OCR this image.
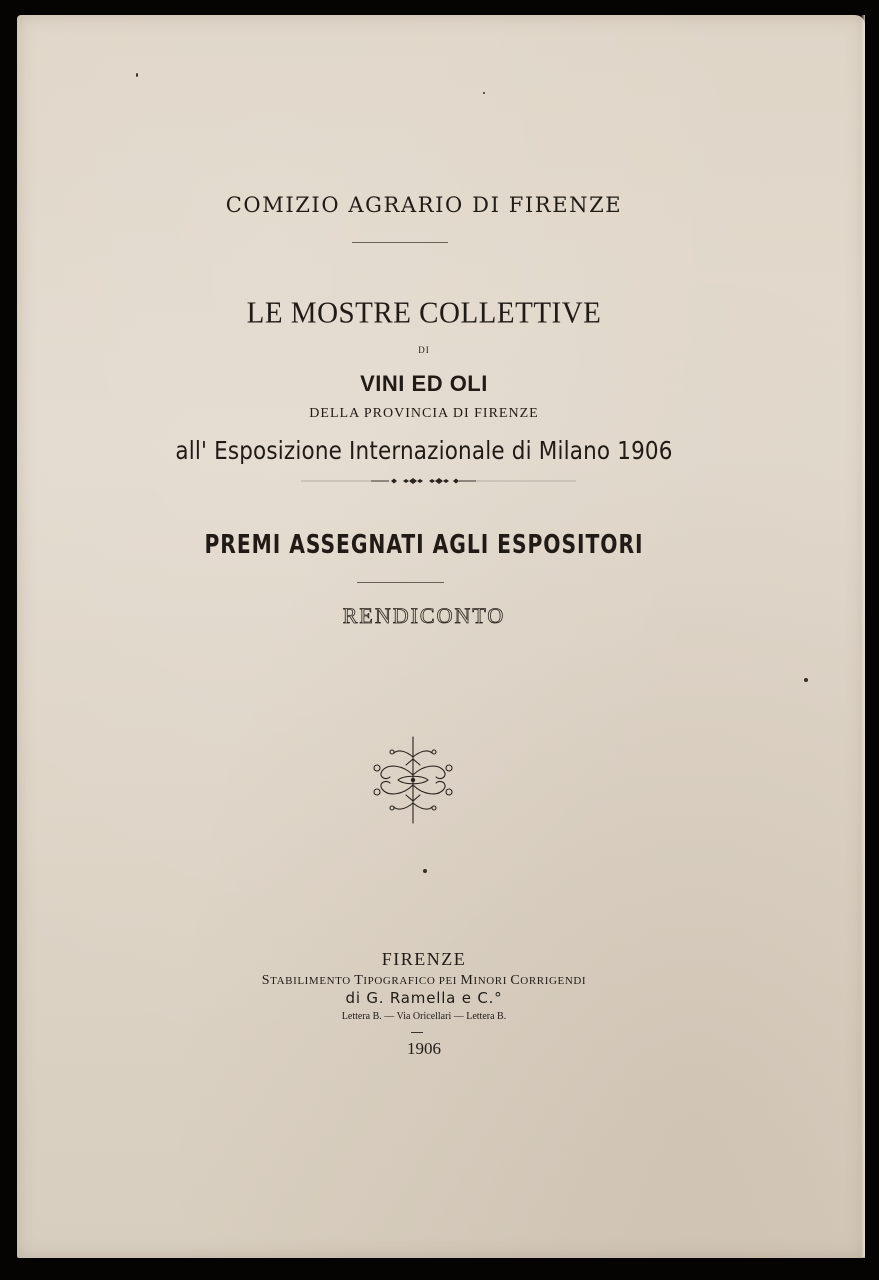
COMIZIO AGRARIO DI FIRENZE
LE MOSTRE COLLETTIVE
DI
VINI ED OLI
DELLA PROVINCIA DI FIRENZE
all' Esposizione Internazionale di Milano 1906
PREMI ASSEGNATI AGLI ESPOSITORI
RENDICONTO
FIRENZE
STABILIMENTO TIPOGRAFICO PEI MINORI CORRIGENDI
di G. Ramella e C.°
Lettera B. — Via Oricellari — Lettera B.
1906
